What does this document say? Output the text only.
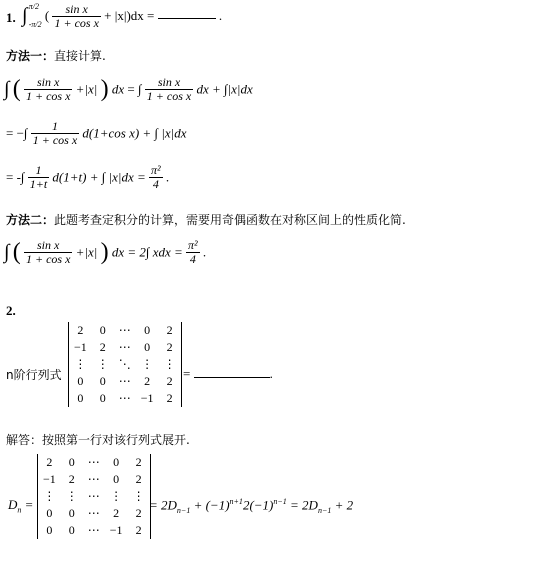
1. ∫ π/2
-π/2
( $\frac{\text{sin x}}{\text{1 + cos x}} + |x|)dx$ =	.
方法一：直接计算.
∫ ( $\frac{\text{sin x}}{\text{1 + cos x}} +|x|$ ) dx = ∫ $\frac{\text{sin x}}{\text{1 + cos x}}$ dx + ∫|x|dx
= −∫ $\frac{1}{\text{1 + cos x}} d(1+\cos$ x) + ∫ |x|dx
= -∫ $\frac{1}{1+t} d(1+t)$ + ∫ $|x|dx = \frac{\text{π²}}{4}$ .
方法二：此题考查定积分的计算，需要用奇偶函数在对称区间上的性质化简.
∫ ( $\frac{\text{sin x}}{\text{1 + cos x}} +|x|$ ) dx = 2∫ xdx = $\frac{\text{π²}}{4}$ .
2.
n阶行列式
2	0	⋯	0	2
−1	2	⋯	0	2
⋮	⋮	⋱	⋮	⋮
0	0	⋯	2	2
0	0	⋯	−1	2
=	.
解答：按照第一行对该行列式展开.
$D_n$ =
2	0	⋯	0	2
−1	2	⋯	0	2
⋮	⋮	⋯	⋮	⋮
0	0	⋯	2	2
0	0	⋯	−1	2
= $2D_{n-1} + (-1)^{n+1}2(-1)^{n-1} = 2D_{n-1} + 2$
